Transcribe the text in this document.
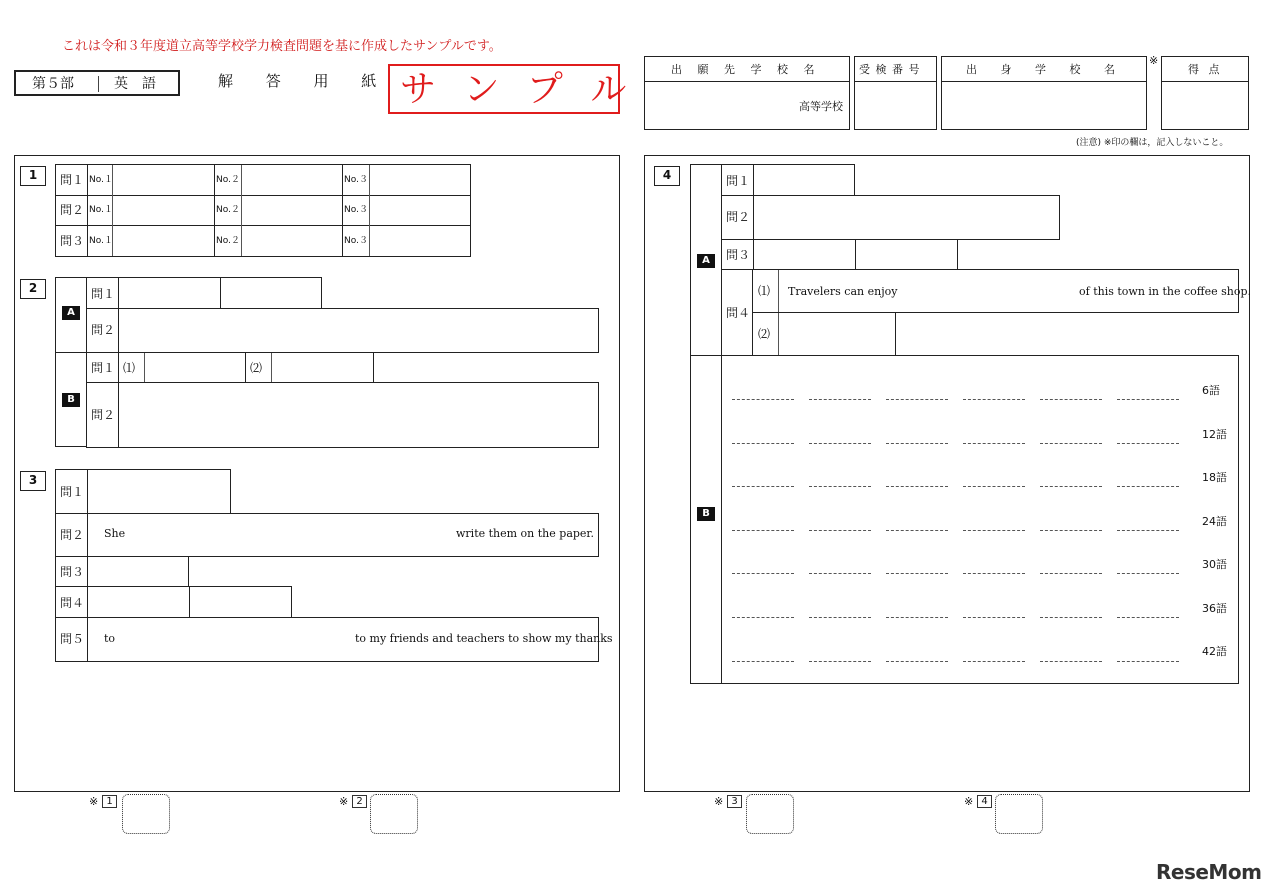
これは令和３年度道立高等学校学力検査問題を基に作成したサンプルです。
第５部	英　語	解 答 用 紙 サ ン プ ル	出 願 先 学 校 名
高等学校
受 検 番 号	出 身 学 校 名
※
得 点
(注意) ※印の欄は，記入しないこと。
1	問１ No.１	No.２	No.３
問２ No.１	No.２	No.３
問３ No.１	No.２	No.３
2
A
B
問１
問２
問１ ⑴	⑵
問２
3
問１
問２ She	write them on the paper.
問３
問４
問５ to	to my friends and teachers to show my thanks
4
A
問１
問２
問３
問４
⑴ Travelers can enjoy	of this town in the coffee shop.
⑵
B
6語
12語
18語
24語
30語
36語
42語
※ 1	※ 2	※ 3	※ 4
ReseMom
